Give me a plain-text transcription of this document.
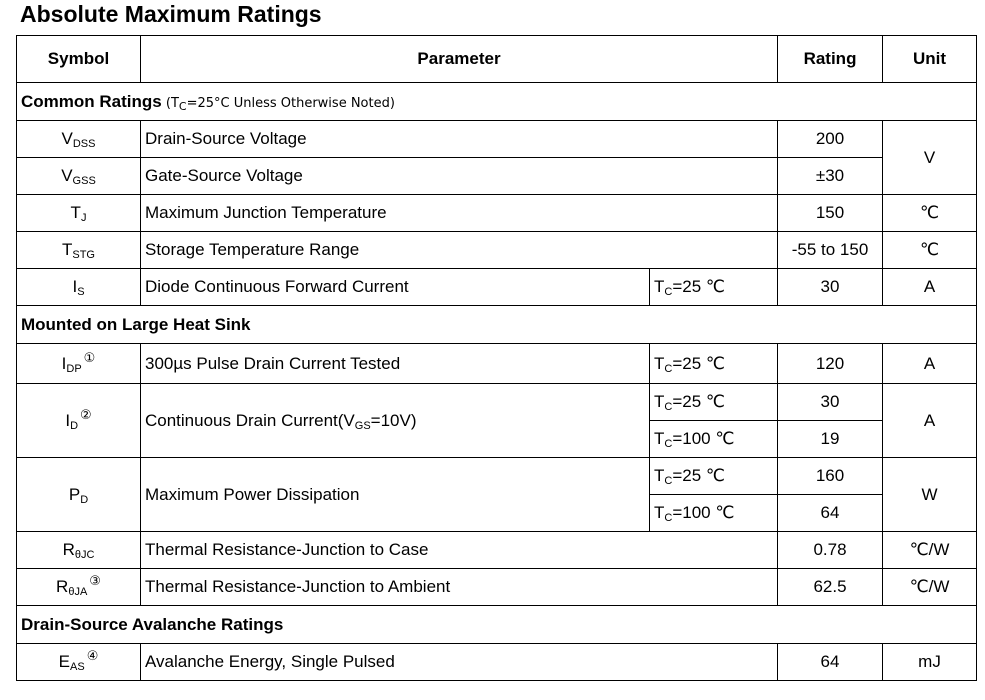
Absolute Maximum Ratings
Symbol	Parameter		Rating	Unit
Common Ratings ($T_C=25^\circ C$ Unless Otherwise Noted)				
$V_{DSS}$	Drain-Source Voltage		200	V
$V_{GSS}$	Gate-Source Voltage		±30	
$T_J$	Maximum Junction Temperature		150	℃
$T_{STG}$	Storage Temperature Range		-55 to 150	℃
$I_S$	Diode Continuous Forward Current	$T_C=25$ ℃	30	A
Mounted on Large Heat Sink				
$I_{DP}^①$	300µs Pulse Drain Current Tested	$T_C=25$ ℃	120	A
$I_D^②$	Continuous Drain $Current(V_{GS}=10V)$	$T_C=25$ ℃	30	A
		$T_C=100$ ℃	19	
$P_D$	Maximum Power Dissipation	$T_C=25$ ℃	160	W
		$T_C=100$ ℃	64	
$R_{\theta JC}$	Thermal Resistance-Junction to Case		0.78	℃/W
$R_{\theta JA}^③$	Thermal Resistance-Junction to Ambient		62.5	℃/W
Drain-Source Avalanche Ratings				
$E_{AS}^④$	Avalanche Energy, Single Pulsed		64	mJ
